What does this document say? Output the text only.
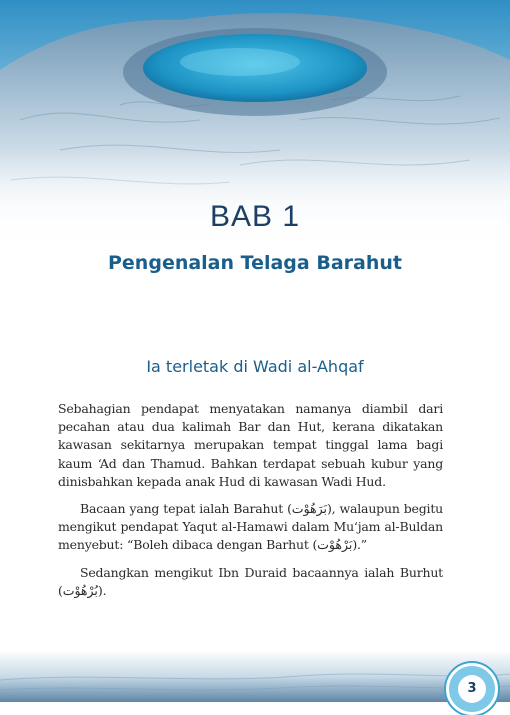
BAB 1
Pengenalan Telaga Barahut
Ia terletak di Wadi al-Ahqaf

Sebahagian pendapat menyatakan namanya diambil dari pecahan atau dua kalimah Bar dan Hut, kerana dikatakan kawasan sekitarnya merupakan tempat tinggal lama bagi kaum ‘Ad dan Thamud. Bahkan terdapat sebuah kubur yang dinisbahkan kepada anak Hud di kawasan Wadi Hud.

Bacaan yang tepat ialah Barahut (بَرَهُوْت), walaupun begitu mengikut pendapat Yaqut al-Hamawi dalam Mu‘jam al-Buldan menyebut: “Boleh dibaca dengan Barhut (بَرْهُوْت).”

Sedangkan mengikut Ibn Duraid bacaannya ialah Burhut (بُرْهُوْت).

3
